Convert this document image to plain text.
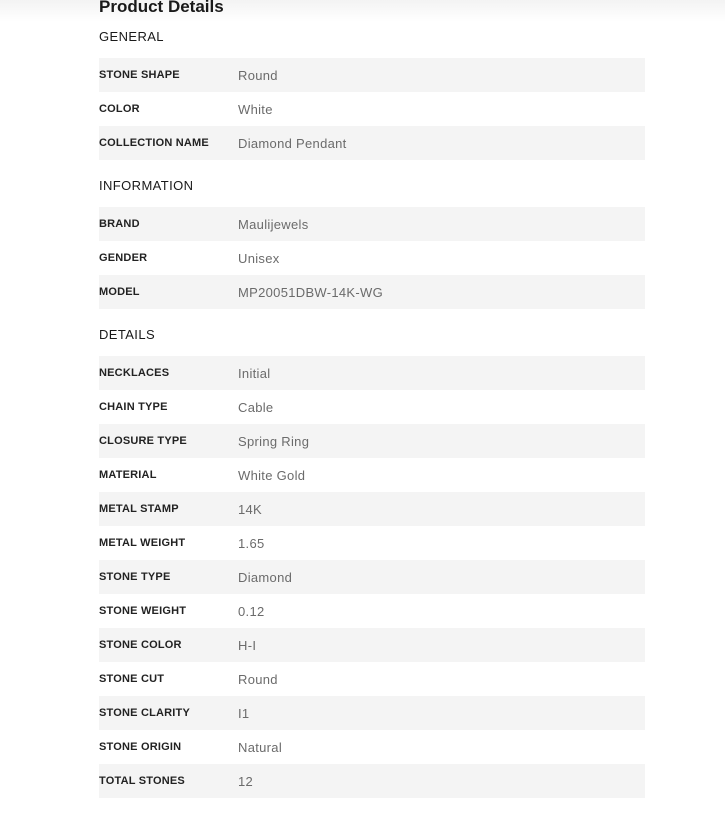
Product Details
GENERAL
STONE SHAPE	Round
COLOR	White
COLLECTION NAME	Diamond Pendant
INFORMATION
BRAND	Maulijewels
GENDER	Unisex
MODEL	MP20051DBW-14K-WG
DETAILS
NECKLACES	Initial
CHAIN TYPE	Cable
CLOSURE TYPE	Spring Ring
MATERIAL	White Gold
METAL STAMP	14K
METAL WEIGHT	1.65
STONE TYPE	Diamond
STONE WEIGHT	0.12
STONE COLOR	H-I
STONE CUT	Round
STONE CLARITY	I1
STONE ORIGIN	Natural
TOTAL STONES	12
